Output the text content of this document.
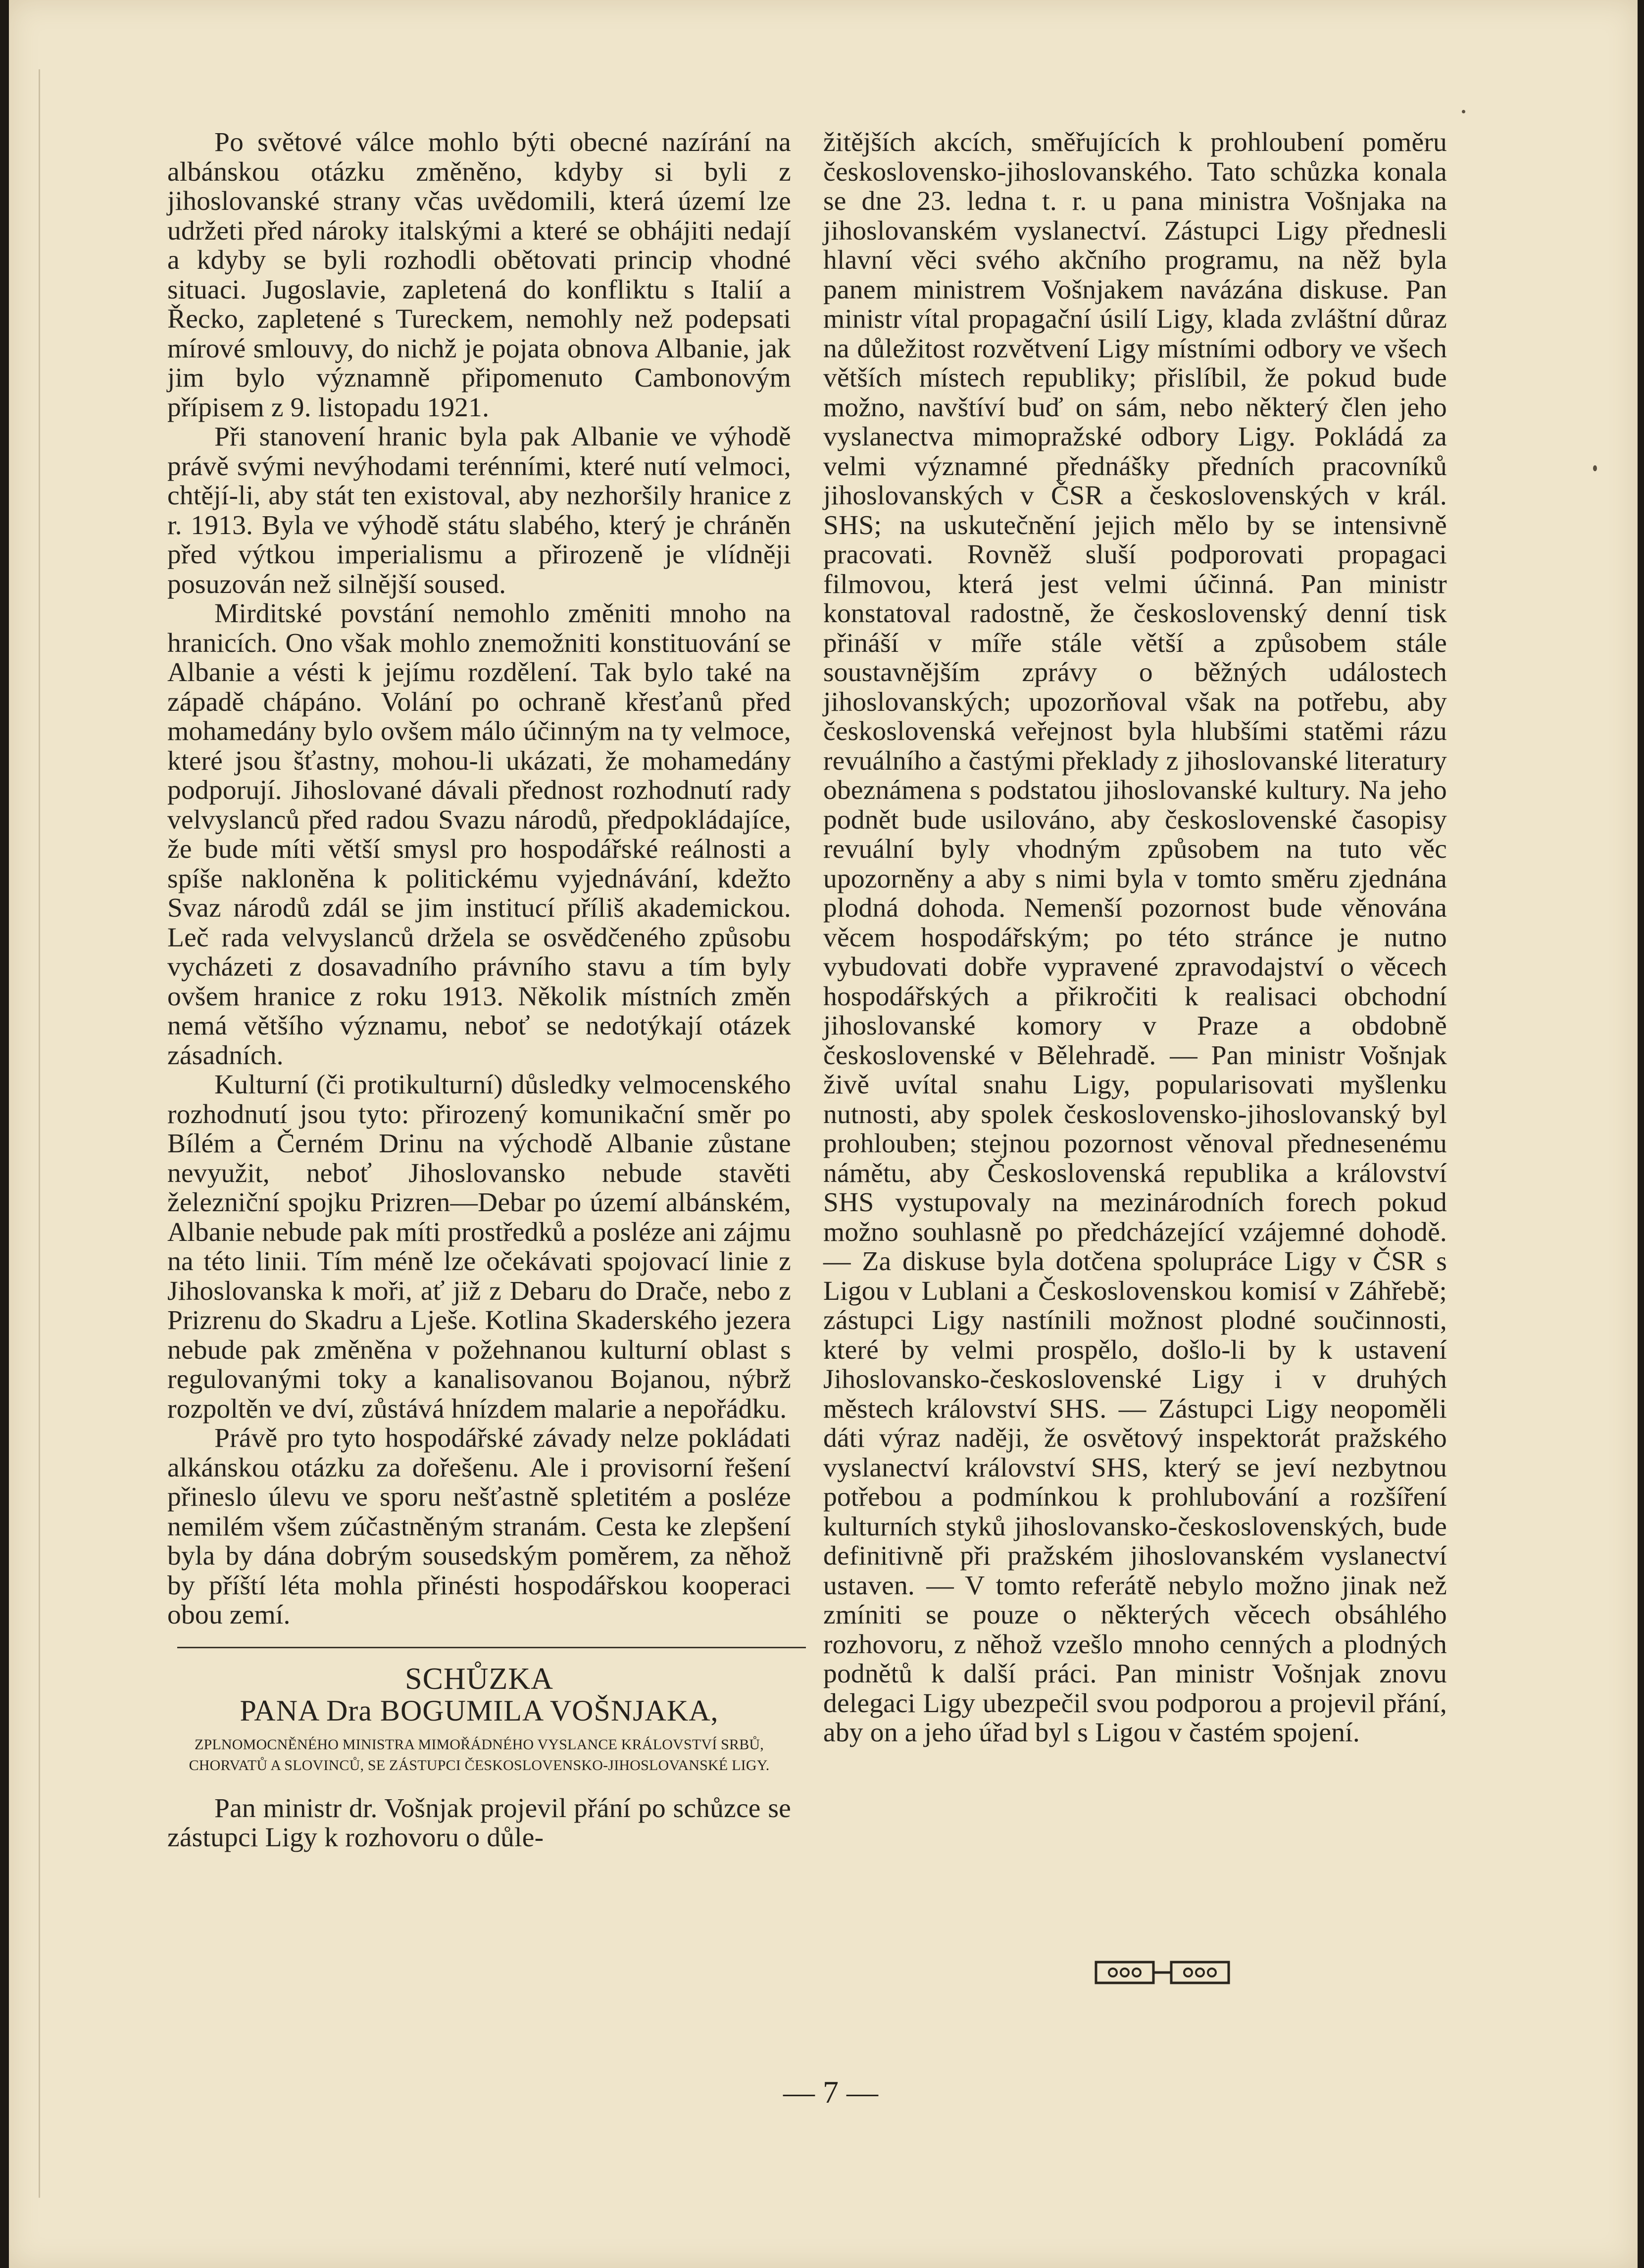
Po světové válce mohlo býti obecné nazírání na albánskou otázku změněno, kdyby si byli z jihoslovanské strany včas uvědomili, která území lze udržeti před nároky italskými a které se obhájiti nedají a kdyby se byli rozhodli obětovati princip vhodné situaci. Jugoslavie, zapletená do konfliktu s Italií a Řecko, zapletené s Tureckem, nemohly než podepsati mírové smlouvy, do nichž je pojata obnova Albanie, jak jim bylo významně připomenuto Cambonovým přípisem z 9. listopadu 1921.

Při stanovení hranic byla pak Albanie ve výhodě právě svými nevýhodami terénními, které nutí velmoci, chtějí-li, aby stát ten existoval, aby nezhoršily hranice z r. 1913. Byla ve výhodě státu slabého, který je chráněn před výtkou imperialismu a přirozeně je vlídněji posuzován než silnější soused.

Mirditské povstání nemohlo změniti mnoho na hranicích. Ono však mohlo znemožniti konstituování se Albanie a vésti k jejímu rozdělení. Tak bylo také na západě chápáno. Volání po ochraně křesťanů před mohamedány bylo ovšem málo účinným na ty velmoce, které jsou šťastny, mohou-li ukázati, že mohamedány podporují. Jihoslované dávali přednost rozhodnutí rady velvyslanců před radou Svazu národů, předpokládajíce, že bude míti větší smysl pro hospodářské reálnosti a spíše nakloněna k politickému vyjednávání, kdežto Svaz národů zdál se jim institucí příliš akademickou. Leč rada velvyslanců držela se osvědčeného způsobu vycházeti z dosavadního právního stavu a tím byly ovšem hranice z roku 1913. Několik místních změn nemá většího významu, neboť se nedotýkají otázek zásadních.

Kulturní (či protikulturní) důsledky velmocenského rozhodnutí jsou tyto: přirozený komunikační směr po Bílém a Černém Drinu na východě Albanie zůstane nevyužit, neboť Jihoslovansko nebude stavěti železniční spojku Prizren—Debar po území albánském, Albanie nebude pak míti prostředků a posléze ani zájmu na této linii. Tím méně lze očekávati spojovací linie z Jihoslovanska k moři, ať již z Debaru do Drače, nebo z Prizrenu do Skadru a Lješe. Kotlina Skaderského jezera nebude pak změněna v požehnanou kulturní oblast s regulovanými toky a kanalisovanou Bojanou, nýbrž rozpoltěn ve dví, zůstává hnízdem malarie a nepořádku.

Právě pro tyto hospodářské závady nelze pokládati alkánskou otázku za dořešenu. Ale i provisorní řešení přineslo úlevu ve sporu nešťastně spletitém a posléze nemilém všem zúčastněným stranám. Cesta ke zlepšení byla by dána dobrým sousedským poměrem, za něhož by příští léta mohla přinésti hospodářskou kooperaci obou zemí.

SCHŮZKA
PANA Dra BOGUMILA VOŠNJAKA,
ZPLNOMOCNĚNÉHO MINISTRA MIMOŘÁDNÉHO VYSLANCE KRÁLOVSTVÍ SRBŮ, CHORVATŮ A SLOVINCŮ, SE ZÁSTUPCI ČESKOSLOVENSKO-JIHOSLOVANSKÉ LIGY.

Pan ministr dr. Vošnjak projevil přání po schůzce se zástupci Ligy k rozhovoru o důle-

žitějších akcích, směřujících k prohloubení poměru československo-jihoslovanského. Tato schůzka konala se dne 23. ledna t. r. u pana ministra Vošnjaka na jihoslovanském vyslanectví. Zástupci Ligy přednesli hlavní věci svého akčního programu, na něž byla panem ministrem Vošnjakem navázána diskuse. Pan ministr vítal propagační úsilí Ligy, klada zvláštní důraz na důležitost rozvětvení Ligy místními odbory ve všech větších místech republiky; přislíbil, že pokud bude možno, navštíví buď on sám, nebo některý člen jeho vyslanectva mimopražské odbory Ligy. Pokládá za velmi významné přednášky předních pracovníků jihoslovanských v ČSR a československých v král. SHS; na uskutečnění jejich mělo by se intensivně pracovati. Rovněž sluší podporovati propagaci filmovou, která jest velmi účinná. Pan ministr konstatoval radostně, že československý denní tisk přináší v míře stále větší a způsobem stále soustavnějším zprávy o běžných událostech jihoslovanských; upozorňoval však na potřebu, aby československá veřejnost byla hlubšími statěmi rázu revuálního a častými překlady z jihoslovanské literatury obeznámena s podstatou jihoslovanské kultury. Na jeho podnět bude usilováno, aby československé časopisy revuální byly vhodným způsobem na tuto věc upozorněny a aby s nimi byla v tomto směru zjednána plodná dohoda. Nemenší pozornost bude věnována věcem hospodářským; po této stránce je nutno vybudovati dobře vypravené zpravodajství o věcech hospodářských a přikročiti k realisaci obchodní jihoslovanské komory v Praze a obdobně československé v Bělehradě. — Pan ministr Vošnjak živě uvítal snahu Ligy, popularisovati myšlenku nutnosti, aby spolek československo-jihoslovanský byl prohlouben; stejnou pozornost věnoval přednesenému námětu, aby Československá republika a království SHS vystupovaly na mezinárodních forech pokud možno souhlasně po předcházející vzájemné dohodě. — Za diskuse byla dotčena spolupráce Ligy v ČSR s Ligou v Lublani a Československou komisí v Záhřebě; zástupci Ligy nastínili možnost plodné součinnosti, které by velmi prospělo, došlo-li by k ustavení Jihoslovansko-československé Ligy i v druhých městech království SHS. — Zástupci Ligy neopoměli dáti výraz naději, že osvětový inspektorát pražského vyslanectví království SHS, který se jeví nezbytnou potřebou a podmínkou k prohlubování a rozšíření kulturních styků jihoslovansko-československých, bude definitivně při pražském jihoslovanském vyslanectví ustaven. — V tomto referátě nebylo možno jinak než zmíniti se pouze o některých věcech obsáhlého rozhovoru, z něhož vzešlo mnoho cenných a plodných podnětů k další práci. Pan ministr Vošnjak znovu delegaci Ligy ubezpečil svou podporou a projevil přání, aby on a jeho úřad byl s Ligou v častém spojení.

— 7 —
